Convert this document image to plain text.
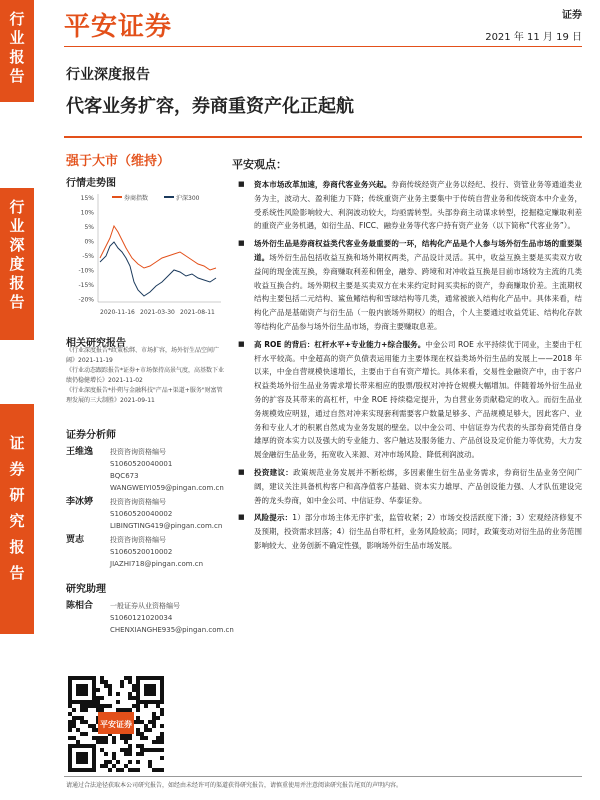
行
业
报
告
行
业
深
度
报
告
证
券
研
究
报
告
平安证券	证券
2021 年 11 月 19 日
行业深度报告
代客业务扩容，券商重资产化正起航
强于大市（维持）
行情走势图
15%
10%
5%
0%
-5%
-10%
-15%
-20%
券商指数	沪深300
2020-11-16 2021-03-30 2021-08-11
相关研究报告
《行业深度报告*政策松绑、市场扩容，场外衍生品空间广阔》2021-11-19
《行业动态跟踪报告*证券+市场保持高景气度，高基数下业绩仍稳健增长》2021-11-02
《行业深度报告*扑朔与金融科技"产品+渠道+服务"财富管理发展的三大制胜》2021-09-11
证券分析师
王维逸 投资咨询资格编号
S1060520040001
BQC673
WANGWEIYI059@pingan.com.cn
李冰婷 投资咨询资格编号
S1060520040002
LIBINGTING419@pingan.com.cn
贾志	投资咨询资格编号
S1060520010002
JIAZHI718@pingan.com.cn
研究助理
陈相合 一般证券从业资格编号
S1060121020034
CHENXIANGHE935@pingan.com.cn
平安证券
平安观点：
■ 资本市场改革加速，券商代客业务兴起。券商传统经资产业务以经纪、投行、资管业务等通道类业务为主，波动大、盈利能力下降；传统重资产业务主要集中于传统自营业务和传统资本中介业务，受系统性风险影响较大、利润波动较大，均亟需转型。头部券商主动谋求转型，挖掘稳定赚取利差的重资产业务机遇，如衍生品、FICC、融券业务等代客户持有资产业务（以下简称“代客业务”）。
■ 场外衍生品是券商权益类代客业务最重要的一环，结构化产品是个人参与场外衍生品市场的重要渠道。场外衍生品包括收益互换和场外期权两类，产品设计灵活。其中，收益互换主要是买卖双方收益间的现金流互换，券商赚取利差和佣金，融券、跨境和对冲收益互换是目前市场较为主流的几类收益互换合约。场外期权主要是买卖双方在未来约定时间买卖标的资产，券商赚取价差。主流期权结构主要包括二元结构、鲨鱼鳍结构和雪球结构等几类，通常被嵌入结构化产品中。具体来看，结构化产品是基础资产与衍生品（一般内嵌场外期权）的组合，个人主要通过收益凭证、结构化存款等结构化产品参与场外衍生品市场，券商主要赚取息差。
■ 高 ROE 的背后：杠杆水平+专业能力+综合服务。中金公司 ROE 水平持续优于同业，主要由于杠杆水平较高。中金超高的资产负债表运用能力主要体现在权益类场外衍生品的发展上——2018 年以来，中金自营规模快速增长，主要由于自有资产增长。具体来看，交易性金融资产中，由于客户权益类场外衍生品业务需求增长带来相应的股票/股权对冲持仓规模大幅增加。伴随着场外衍生品业务的扩容及其带来的高杠杆，中金 ROE 持续稳定提升，为自营业务贡献稳定的收入。而衍生品业务规模效应明显，通过自然对冲来实现套利需要客户数量足够多、产品规模足够大，因此客户、业务和专业人才的积累自然成为业务发展的壁垒。以中金公司、中信证券为代表的头部券商凭借自身雄厚的资本实力以及强大的专业能力、客户触达及服务能力、产品创设及定价能力等优势，大力发展金融衍生品业务，拓宽收入来源、对冲市场风险、降低利润波动。
■ 投资建议：政策规范业务发展并不断松绑，多因素催生衍生品业务需求，券商衍生品业务空间广阔，建议关注具备机构客户和高净值客户基础、资本实力雄厚、产品创设能力强、人才队伍建设完善的龙头券商，如中金公司、中信证券、华泰证券。
■ 风险提示：1）部分市场主体无序扩张，监管收紧；2）市场交投活跃度下滑；3）宏观经济修复不及预期，投资需求回落；4）衍生品自带杠杆，业务风险较高；同时，政策变动对衍生品的业务范围影响较大、业务创新不确定性强，影响场外衍生品市场发展。
请通过合法途径获取本公司研究报告，如经由未经许可的渠道获得研究报告，请慎重使用并注意阅读研究报告尾页的声明内容。
